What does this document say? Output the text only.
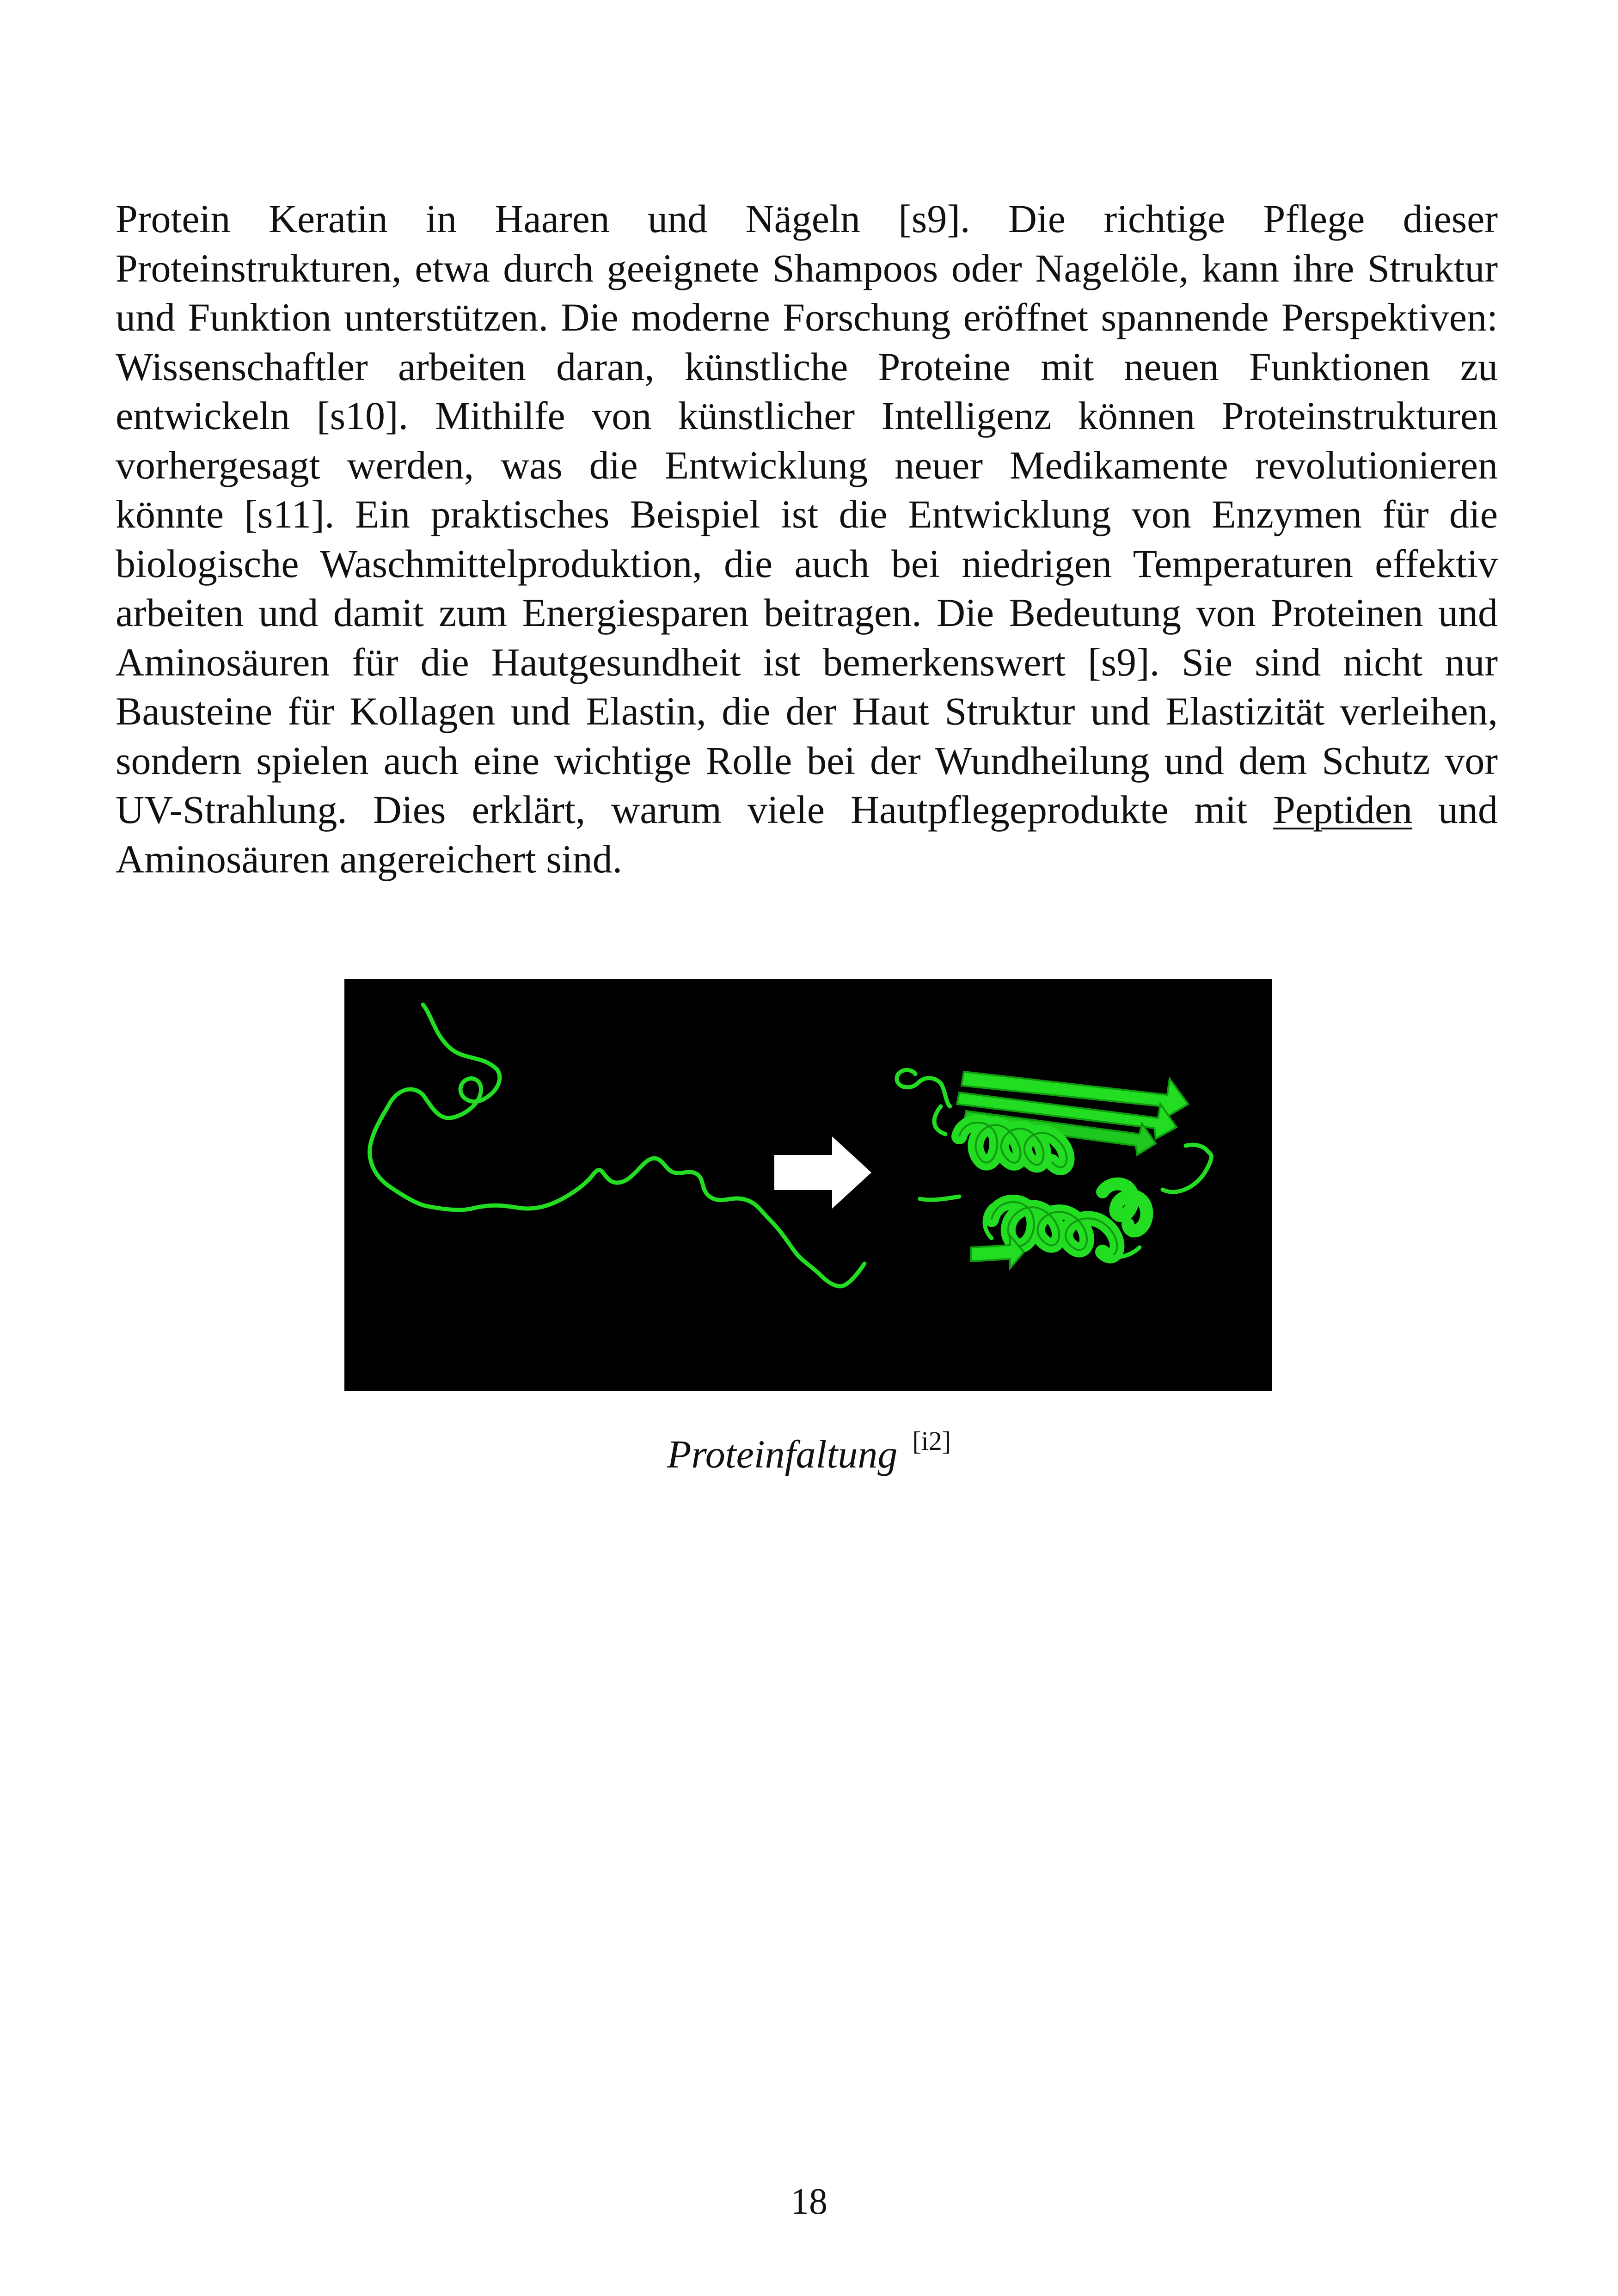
Protein Keratin in Haaren und Nägeln [s9]. Die richtige Pflege dieser Proteinstrukturen, etwa durch geeignete Shampoos oder Nagelöle, kann ihre Struktur und Funktion unterstützen. Die moderne Forschung eröffnet spannende Perspektiven: Wissenschaftler arbeiten daran, künstliche Proteine mit neuen Funktionen zu entwickeln [s10]. Mithilfe von künstlicher Intelligenz können Proteinstrukturen vorhergesagt werden, was die Entwicklung neuer Medikamente revolutionieren könnte [s11]. Ein praktisches Beispiel ist die Entwicklung von Enzymen für die biologische Waschmittelproduktion, die auch bei niedrigen Temperaturen effektiv arbeiten und damit zum Energiesparen beitragen. Die Bedeutung von Proteinen und Aminosäuren für die Hautgesundheit ist bemerkenswert [s9]. Sie sind nicht nur Bausteine für Kollagen und Elastin, die der Haut Struktur und Elastizität verleihen, sondern spielen auch eine wichtige Rolle bei der Wundheilung und dem Schutz vor UV-Strahlung. Dies erklärt, warum viele Hautpflegeprodukte mit Peptiden und Aminosäuren angereichert sind.

Proteinfaltung [i2]
18
